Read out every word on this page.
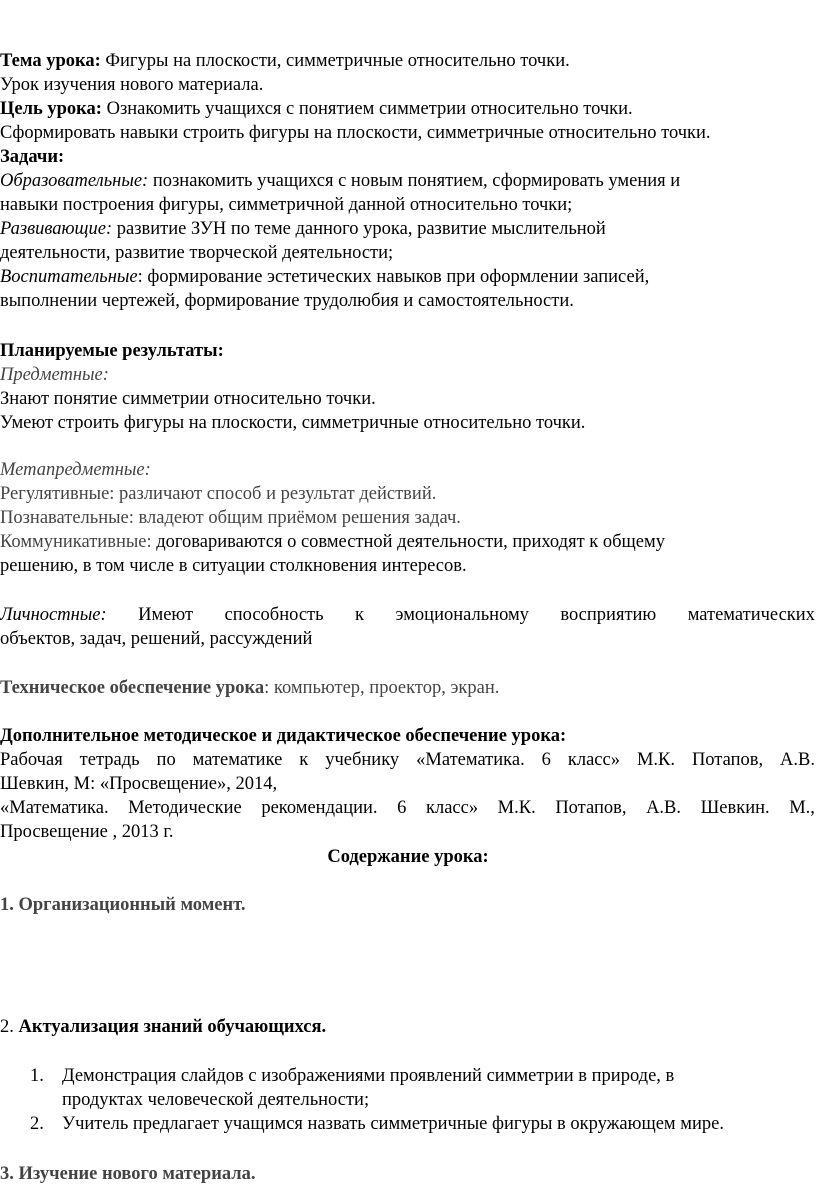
Тема урока: Фигуры на плоскости, симметричные относительно точки.
Урок изучения нового материала.
Цель урока: Ознакомить учащихся с понятием симметрии относительно точки.
Сформировать навыки строить фигуры на плоскости, симметричные относительно точки.
Задачи:
Образовательные: познакомить учащихся с новым понятием, сформировать умения и
навыки построения фигуры, симметричной данной относительно точки;
Развивающие: развитие ЗУН по теме данного урока, развитие мыслительной
деятельности, развитие творческой деятельности;
Воспитательные: формирование эстетических навыков при оформлении записей,
выполнении чертежей, формирование трудолюбия и самостоятельности.
Планируемые результаты:
Предметные:
Знают понятие симметрии относительно точки.
Умеют строить фигуры на плоскости, симметричные относительно точки.
Метапредметные:
Регулятивные: различают способ и результат действий.
Познавательные: владеют общим приёмом решения задач.
Коммуникативные: договариваются о совместной деятельности, приходят к общему
решению, в том числе в ситуации столкновения интересов.
Личностные: Имеют способность к эмоциональному восприятию математических
объектов, задач, решений, рассуждений
Техническое обеспечение урока: компьютер, проектор, экран.
Дополнительное методическое и дидактическое обеспечение урока:
Рабочая тетрадь по математике к учебнику «Математика. 6 класс» М.К. Потапов, А.В.
Шевкин, М: «Просвещение», 2014,
«Математика. Методические рекомендации. 6 класс» М.К. Потапов, А.В. Шевкин. М.,
Просвещение , 2013 г.
Содержание урока:
1. Организационный момент.
2. Актуализация знаний обучающихся.
1. Демонстрация слайдов с изображениями проявлений симметрии в природе, в
продуктах человеческой деятельности;
2. Учитель предлагает учащимся назвать симметричные фигуры в окружающем мире.
3. Изучение нового материала.
